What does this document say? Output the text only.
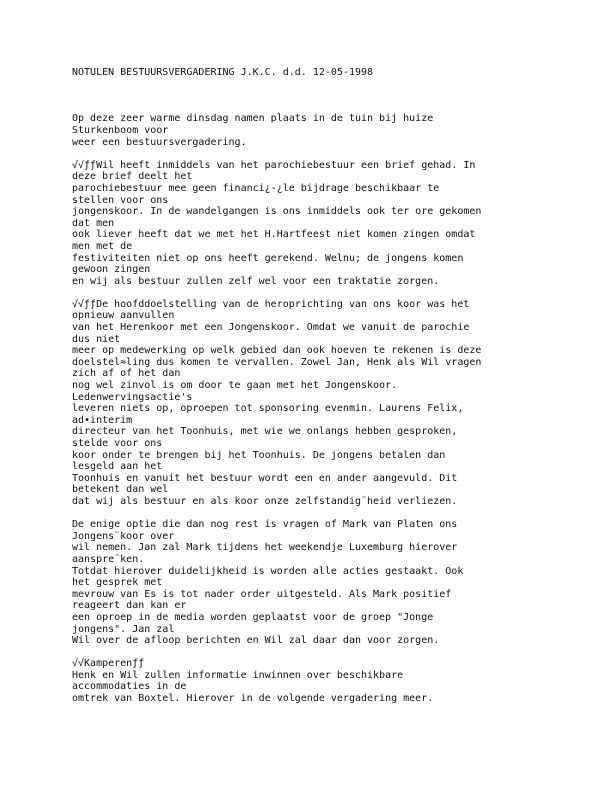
NOTULEN BESTUURSVERGADERING J.K.C. d.d. 12-05-1998
Op deze zeer warme dinsdag namen plaats in de tuin bij huize
Sturkenboom voor
weer een bestuursvergadering.
√√ƒƒWil heeft inmiddels van het parochiebestuur een brief gehad. In
deze brief deelt het
parochiebestuur mee geen financi¿-¿le bijdrage beschikbaar te
stellen voor ons
jongenskoor. In de wandelgangen is ons inmiddels ook ter ore gekomen
dat men
ook liever heeft dat we met het H.Hartfeest niet komen zingen omdat
men met de
festiviteiten niet op ons heeft gerekend. Welnu; de jongens komen
gewoon zingen
en wij als bestuur zullen zelf wel voor een traktatie zorgen.
√√ƒƒDe hoofddoelstelling van de heroprichting van ons koor was het
opnieuw aanvullen
van het Herenkoor met een Jongenskoor. Omdat we vanuit de parochie
dus niet
meer op medewerking op welk gebied dan ook hoeven te rekenen is deze
doelstel≈ling dus komen te vervallen. Zowel Jan, Henk als Wil vragen
zich af of het dan
nog wel zinvol is om door te gaan met het Jongenskoor.
Ledenwervingsactie's
leveren niets op, oproepen tot sponsoring evenmin. Laurens Felix,
ad•interim
directeur van het Toonhuis, met wie we onlangs hebben gesproken,
stelde voor ons
koor onder te brengen bij het Toonhuis. De jongens betalen dan
lesgeld aan het
Toonhuis en vanuit het bestuur wordt een en ander aangevuld. Dit
betekent dan wel
dat wij als bestuur en als koor onze zelfstandig¨heid verliezen.
De enige optie die dan nog rest is vragen of Mark van Platen ons
Jongens¨koor over
wil nemen. Jan zal Mark tijdens het weekendje Luxemburg hierover
aanspre¨ken.
Totdat hierover duidelijkheid is worden alle acties gestaakt. Ook
het gesprek met
mevrouw van Es is tot nader order uitgesteld. Als Mark positief
reageert dan kan er
een oproep in de media worden geplaatst voor de groep "Jonge
jongens". Jan zal
Wil over de afloop berichten en Wil zal daar dan voor zorgen.
√√Kamperenƒƒ
Henk en Wil zullen informatie inwinnen over beschikbare
accommodaties in de
omtrek van Boxtel. Hierover in de volgende vergadering meer.
